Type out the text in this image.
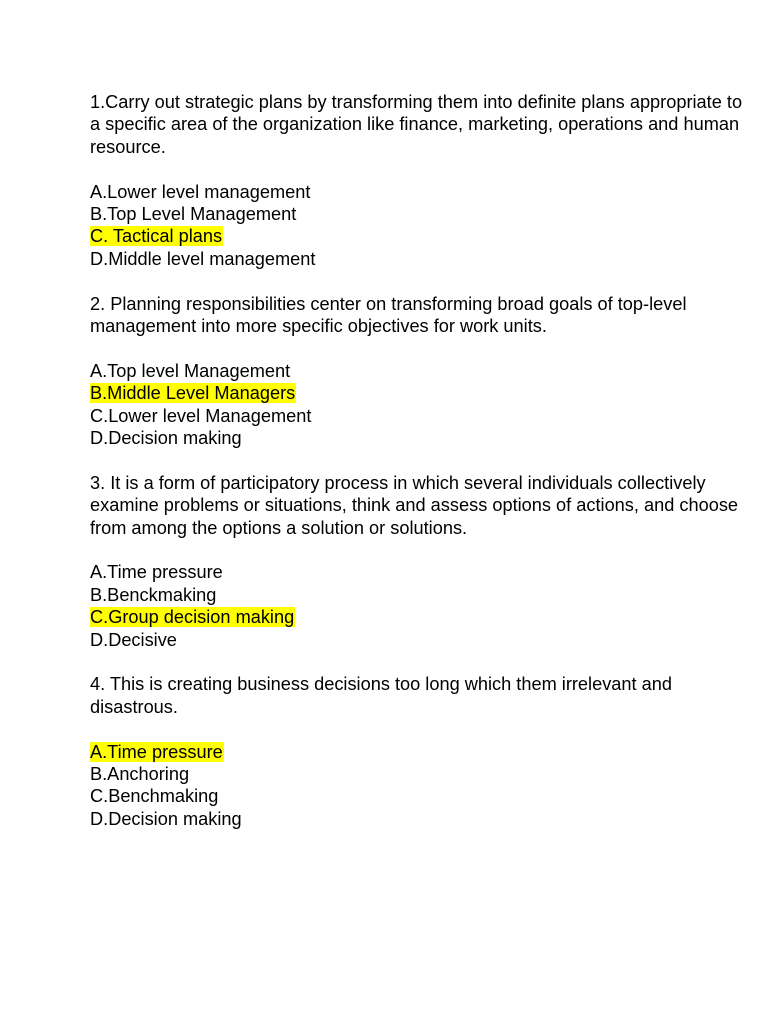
1.Carry out strategic plans by transforming them into definite plans appropriate to a specific area of the organization like finance, marketing, operations and human resource.

A.Lower level management
B.Top Level Management
C. Tactical plans
D.Middle level management

2. Planning responsibilities center on transforming broad goals of top-level management into more specific objectives for work units.

A.Top level Management
B.Middle Level Managers
C.Lower level Management
D.Decision making

3. It is a form of participatory process in which several individuals collectively examine problems or situations, think and assess options of actions, and choose from among the options a solution or solutions.

A.Time pressure
B.Benckmaking
C.Group decision making
D.Decisive

4. This is creating business decisions too long which them irrelevant and disastrous.

A.Time pressure
B.Anchoring
C.Benchmaking
D.Decision making
